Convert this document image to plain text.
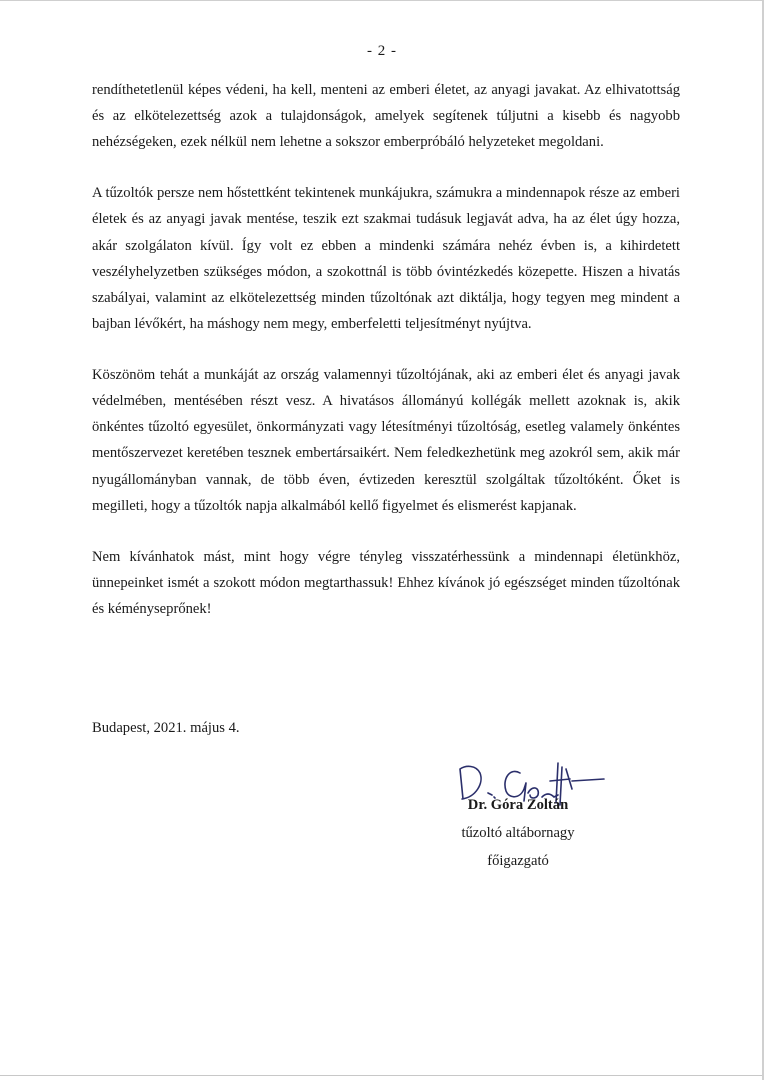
- 2 -

rendíthetetlenül képes védeni, ha kell, menteni az emberi életet, az anyagi javakat. Az elhivatottság és az elkötelezettség azok a tulajdonságok, amelyek segítenek túljutni a kisebb és nagyobb nehézségeken, ezek nélkül nem lehetne a sokszor emberpróbáló helyzeteket megoldani.

A tűzoltók persze nem hőstettként tekintenek munkájukra, számukra a mindennapok része az emberi életek és az anyagi javak mentése, teszik ezt szakmai tudásuk legjavát adva, ha az élet úgy hozza, akár szolgálaton kívül. Így volt ez ebben a mindenki számára nehéz évben is, a kihirdetett veszélyhelyzetben szükséges módon, a szokottnál is több óvintézkedés közepette. Hiszen a hivatás szabályai, valamint az elkötelezettség minden tűzoltónak azt diktálja, hogy tegyen meg mindent a bajban lévőkért, ha máshogy nem megy, emberfeletti teljesítményt nyújtva.

Köszönöm tehát a munkáját az ország valamennyi tűzoltójának, aki az emberi élet és anyagi javak védelmében, mentésében részt vesz. A hivatásos állományú kollégák mellett azoknak is, akik önkéntes tűzoltó egyesület, önkormányzati vagy létesítményi tűzoltóság, esetleg valamely önkéntes mentőszervezet keretében tesznek embertársaikért. Nem feledkezhetünk meg azokról sem, akik már nyugállományban vannak, de több éven, évtizeden keresztül szolgáltak tűzoltóként. Őket is megilleti, hogy a tűzoltók napja alkalmából kellő figyelmet és elismerést kapjanak.

Nem kívánhatok mást, mint hogy végre tényleg visszatérhessünk a mindennapi életünkhöz, ünnepeinket ismét a szokott módon megtarthassuk! Ehhez kívánok jó egészséget minden tűzoltónak és kéményseprőnek!

Budapest, 2021. május 4.
Dr. Góra Zoltán
tűzoltó altábornagy
főigazgató
